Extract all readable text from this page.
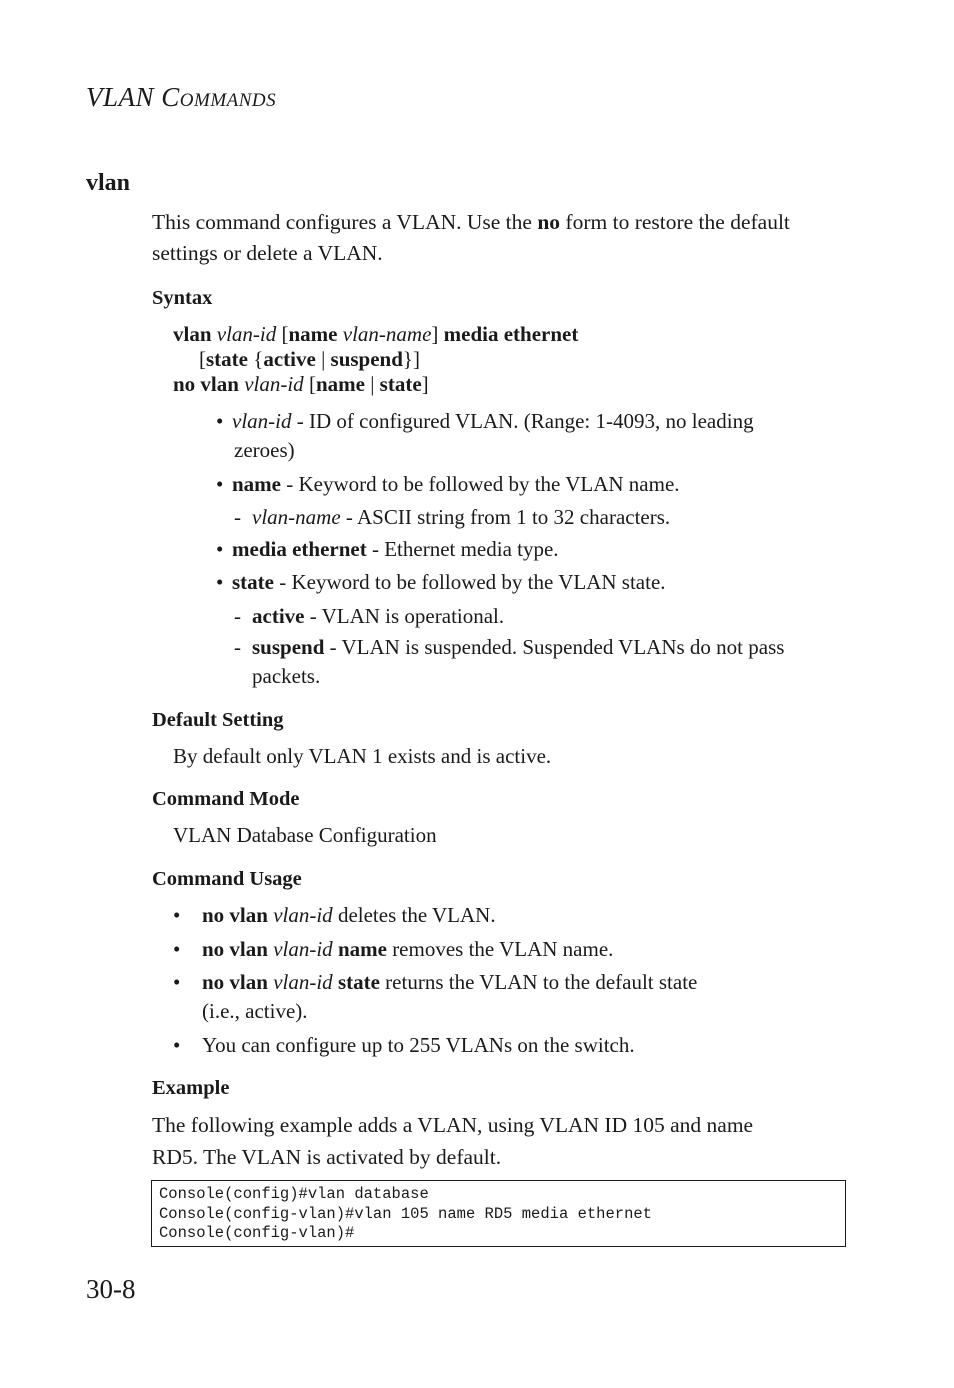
VLAN COMMANDS
vlan
This command configures a VLAN. Use the no form to restore the default settings or delete a VLAN.
Syntax
vlan vlan-id [name vlan-name] media ethernet
[state {active | suspend}]
no vlan vlan-id [name | state]
• vlan-id - ID of configured VLAN. (Range: 1-4093, no leading
zeroes)
• name - Keyword to be followed by the VLAN name.
- vlan-name - ASCII string from 1 to 32 characters.
• media ethernet - Ethernet media type.
• state - Keyword to be followed by the VLAN state.
- active - VLAN is operational.
- suspend - VLAN is suspended. Suspended VLANs do not pass
packets.
Default Setting
By default only VLAN 1 exists and is active.
Command Mode
VLAN Database Configuration
Command Usage
• no vlan vlan-id deletes the VLAN.
• no vlan vlan-id name removes the VLAN name.
• no vlan vlan-id state returns the VLAN to the default state
(i.e., active).
• You can configure up to 255 VLANs on the switch.
Example
The following example adds a VLAN, using VLAN ID 105 and name
RD5. The VLAN is activated by default.
Console(config)#vlan database
Console(config-vlan)#vlan 105 name RD5 media ethernet
Console(config-vlan)#
30-8
